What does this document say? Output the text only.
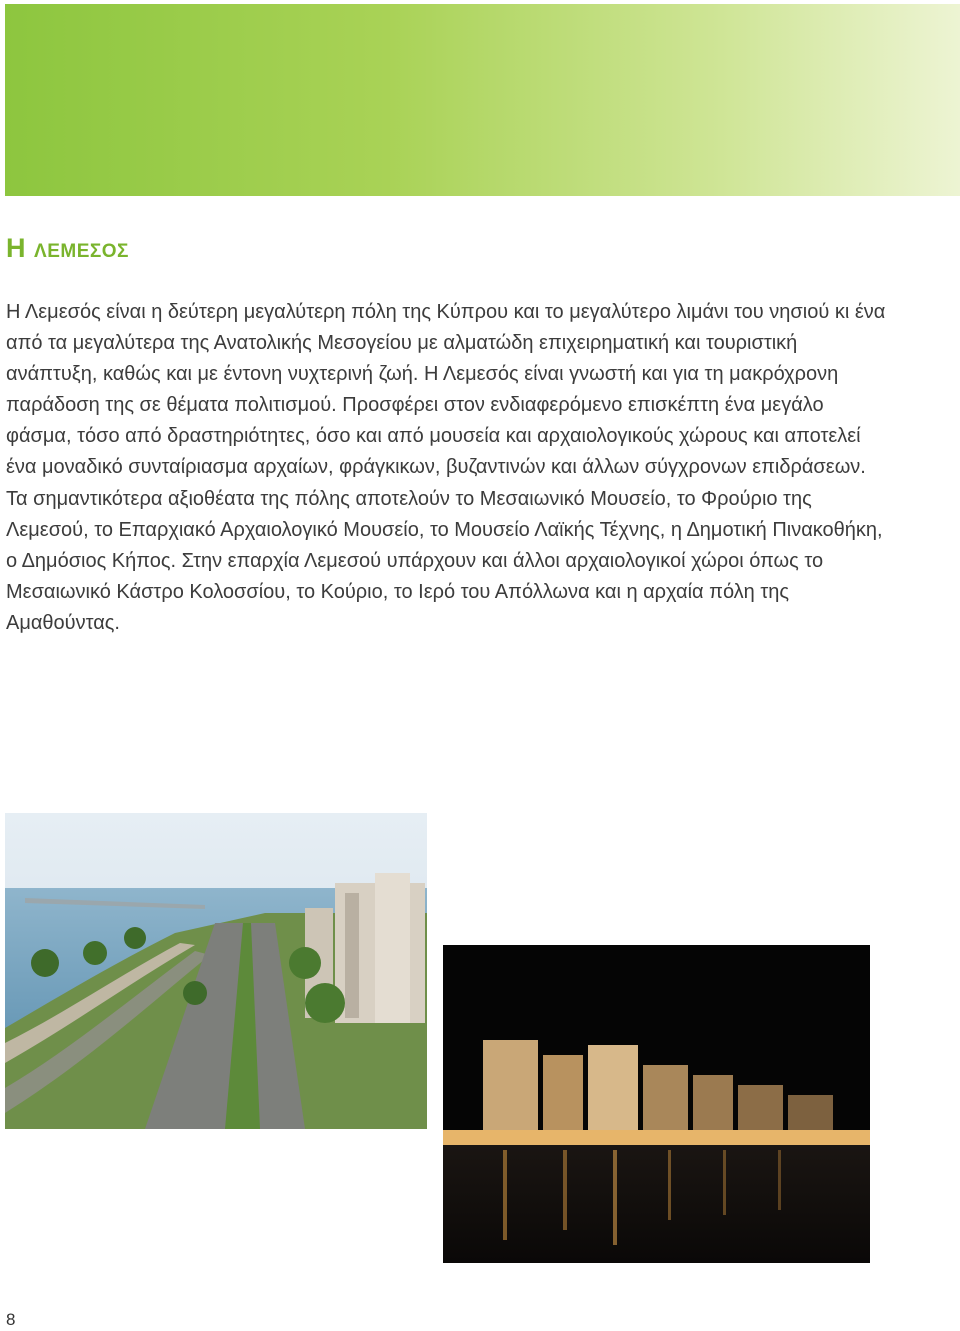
Η ΛΕΜΕΣΟΣ

Η Λεμεσός είναι η δεύτερη μεγαλύτερη πόλη της Κύπρου και το μεγαλύτερο λιμάνι του νησιού κι ένα από τα μεγαλύτερα της Ανατολικής Μεσογείου με αλματώδη επιχειρηματική και τουριστική ανάπτυξη, καθώς και με έντονη νυχτερινή ζωή. Η Λεμεσός είναι γνωστή και για τη μακρόχρονη παράδοση της σε θέματα πολιτισμού. Προσφέρει στον ενδιαφερόμενο επισκέπτη ένα μεγάλο φάσμα, τόσο από δραστηριότητες, όσο και από μουσεία και αρχαιολογικούς χώρους και αποτελεί ένα μοναδικό συνταίριασμα αρχαίων, φράγκικων, βυζαντινών και άλλων σύγχρονων επιδράσεων. Τα σημαντικότερα αξιοθέατα της πόλης αποτελούν το Μεσαιωνικό Μουσείο, το Φρούριο της Λεμεσού, το Επαρχιακό Αρχαιολογικό Μουσείο, το Μουσείο Λαϊκής Τέχνης, η Δημοτική Πινακοθήκη, ο Δημόσιος Κήπος. Στην επαρχία Λεμεσού υπάρχουν και άλλοι αρχαιολογικοί χώροι όπως το Μεσαιωνικό Κάστρο Κολοσσίου, το Κούριο, το Ιερό του Απόλλωνα και η αρχαία πόλη της Αμαθούντας.

8
